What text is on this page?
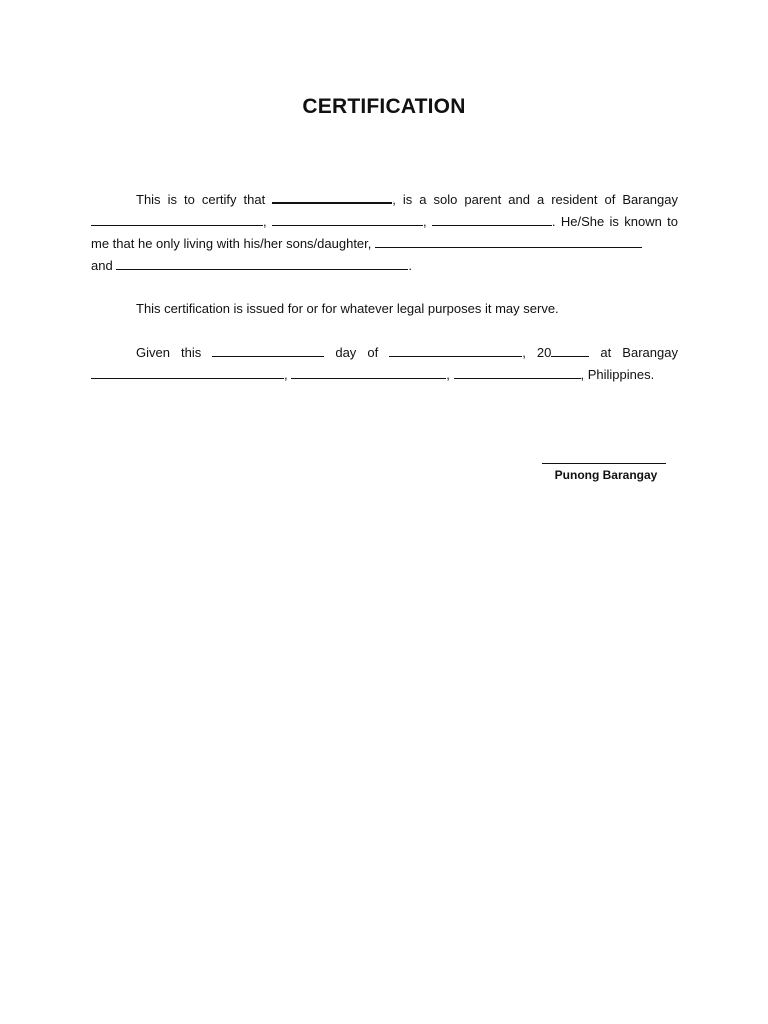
CERTIFICATION
This is to certify that	, is a solo parent and a resident of Barangay ,	,	. He/She is known to me that he only living with his/her sons/daughter,
and	.
This certification is issued for or for whatever legal purposes it may serve.
Given this	day of	, 20	at Barangay ,	,	, Philippines.
Punong Barangay
